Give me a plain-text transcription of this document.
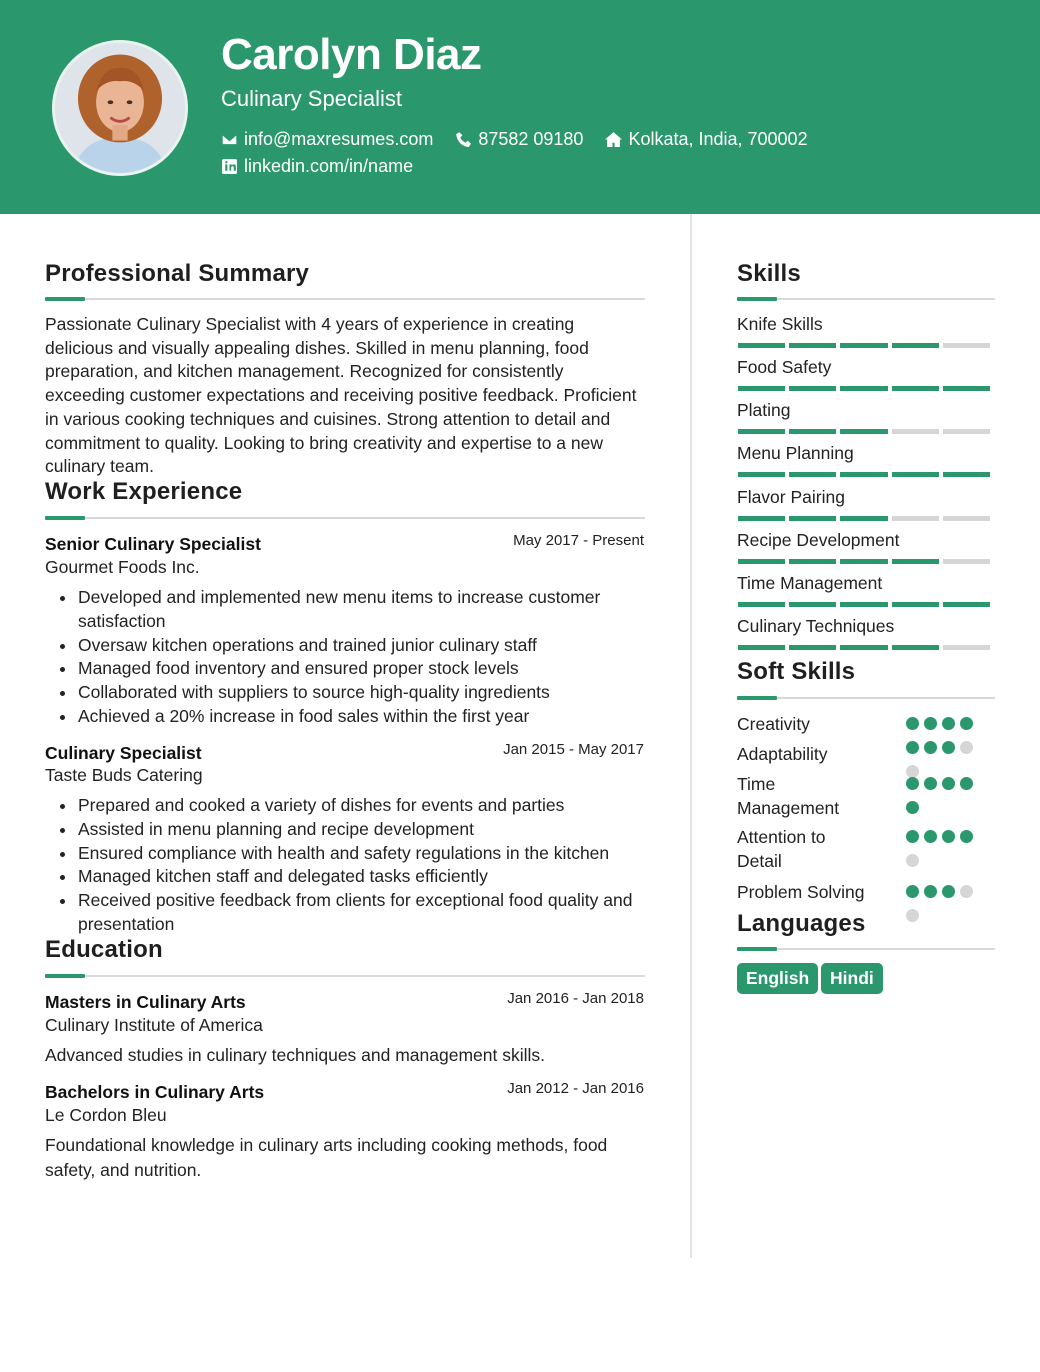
Carolyn Diaz
Culinary Specialist
info@maxresumes.com	87582 09180	Kolkata, India, 700002
linkedin.com/in/name
Professional Summary
Passionate Culinary Specialist with 4 years of experience in creating delicious and visually appealing dishes. Skilled in menu planning, food preparation, and kitchen management. Recognized for consistently exceeding customer expectations and receiving positive feedback. Proficient in various cooking techniques and cuisines. Strong attention to detail and commitment to quality. Looking to bring creativity and expertise to a new culinary team.
Work Experience
Senior Culinary Specialist	May 2017 - Present
Gourmet Foods Inc.
Developed and implemented new menu items to increase customer satisfaction
Oversaw kitchen operations and trained junior culinary staff
Managed food inventory and ensured proper stock levels
Collaborated with suppliers to source high-quality ingredients
Achieved a 20% increase in food sales within the first year
Culinary Specialist	Jan 2015 - May 2017
Taste Buds Catering
Prepared and cooked a variety of dishes for events and parties
Assisted in menu planning and recipe development
Ensured compliance with health and safety regulations in the kitchen
Managed kitchen staff and delegated tasks efficiently
Received positive feedback from clients for exceptional food quality and presentation
Education
Masters in Culinary Arts	Jan 2016 - Jan 2018
Culinary Institute of America
Advanced studies in culinary techniques and management skills.
Bachelors in Culinary Arts	Jan 2012 - Jan 2016
Le Cordon Bleu
Foundational knowledge in culinary arts including cooking methods, food safety, and nutrition.
Skills
Knife Skills
Food Safety
Plating
Menu Planning
Flavor Pairing
Recipe Development
Time Management
Culinary Techniques
Soft Skills
Creativity
Adaptability
Time Management
Attention to Detail
Problem Solving
Languages
English	Hindi
